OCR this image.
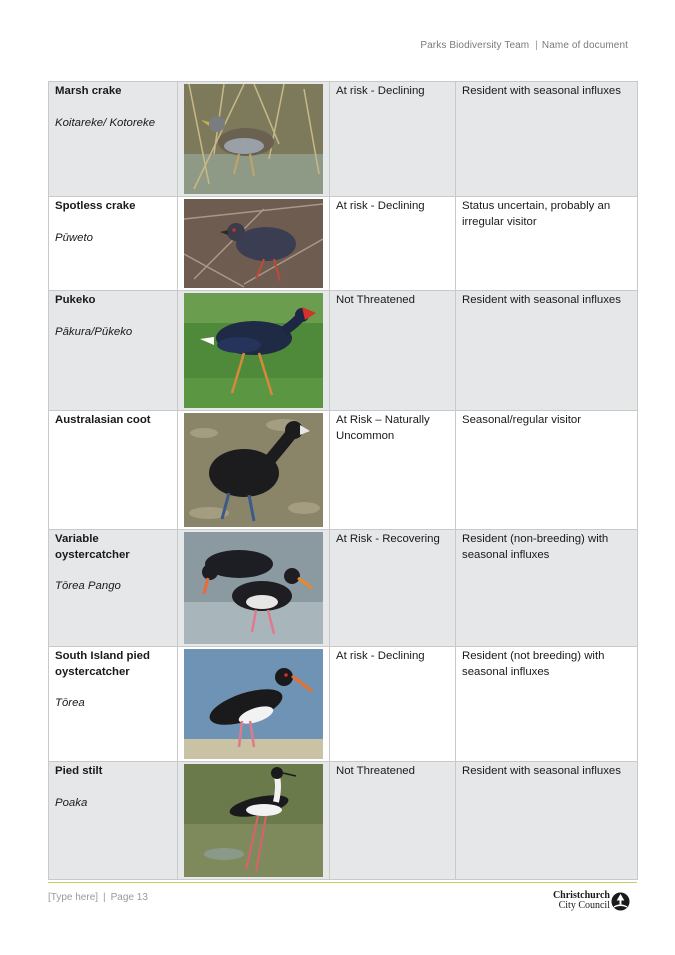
Parks Biodiversity Team | Name of document
Marsh crake
Koitareke/ Kotoreke		At risk - Declining	Resident with seasonal influxes

Spotless crake
Pūweto		At risk - Declining	Status uncertain, probably an irregular visitor

Pukeko
Pākura/Pūkeko		Not Threatened	Resident with seasonal influxes

Australasian coot		At Risk – Naturally Uncommon	Seasonal/regular visitor

Variable oystercatcher
Tōrea Pango		At Risk - Recovering	Resident (non-breeding) with seasonal influxes

South Island pied oystercatcher
Tōrea		At risk - Declining	Resident (not breeding) with seasonal influxes

Pied stilt
Poaka		Not Threatened	Resident with seasonal influxes
[Type here] | Page 13	Christchurch
City Council
